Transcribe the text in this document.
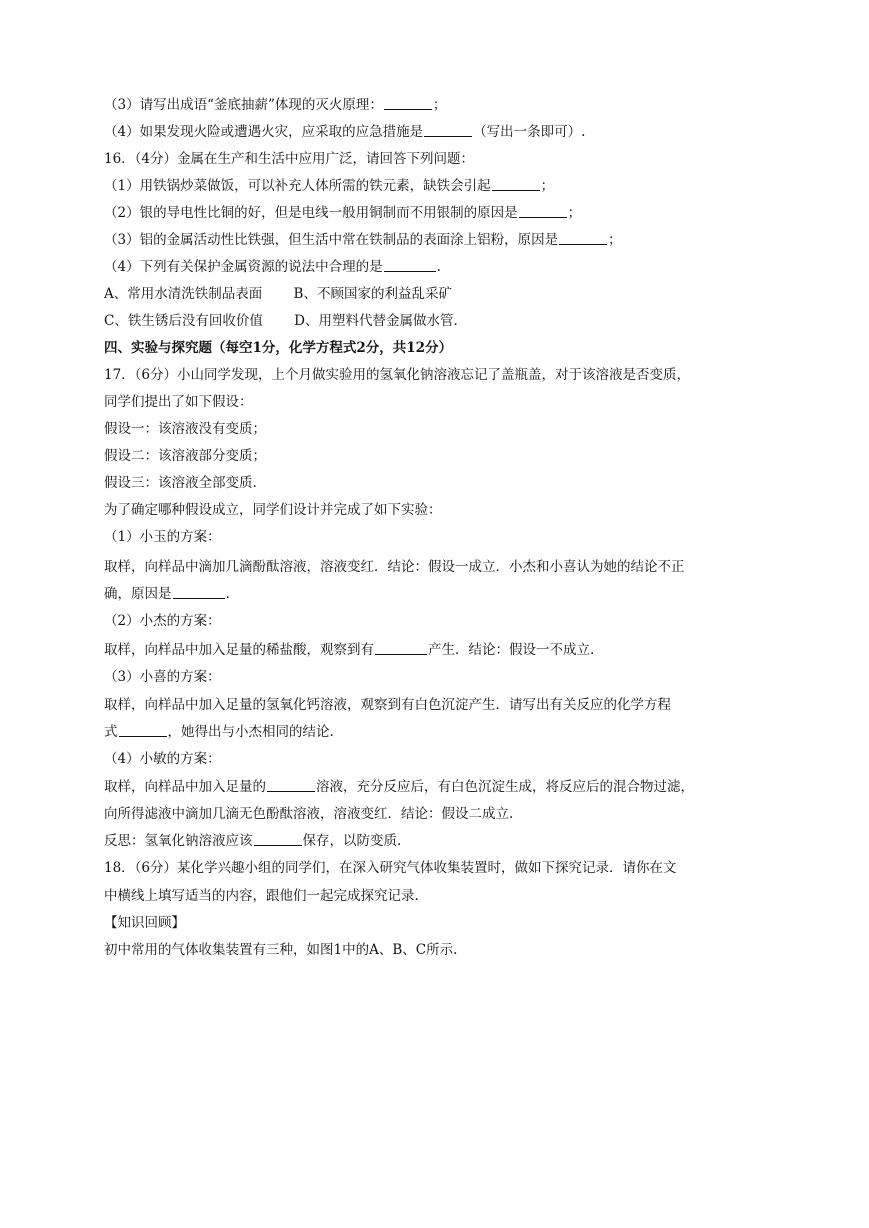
（3）请写出成语“釜底抽薪”体现的灭火原理：	；
（4）如果发现火险或遭遇火灾，应采取的应急措施是	（写出一条即可）.
16．（4分）金属在生产和生活中应用广泛，请回答下列问题：
（1）用铁锅炒菜做饭，可以补充人体所需的铁元素，缺铁会引起	；
（2）银的导电性比铜的好，但是电线一般用铜制而不用银制的原因是	；
（3）铝的金属活动性比铁强，但生活中常在铁制品的表面涂上铝粉，原因是	；
（4）下列有关保护金属资源的说法中合理的是	.
A、常用水清洗铁制品表面　　 B、不顾国家的利益乱采矿
C、铁生锈后没有回收价值　　 D、用塑料代替金属做水管.
四、实验与探究题（每空1分，化学方程式2分，共12分）
17．（6分）小山同学发现，上个月做实验用的氢氧化钠溶液忘记了盖瓶盖，对于该溶液是否变质，
同学们提出了如下假设：
假设一：该溶液没有变质；
假设二：该溶液部分变质；
假设三：该溶液全部变质.
为了确定哪种假设成立，同学们设计并完成了如下实验：
（1）小玉的方案：
取样，向样品中滴加几滴酚酞溶液，溶液变红．结论：假设一成立．小杰和小喜认为她的结论不正
确，原因是	.
（2）小杰的方案：
取样，向样品中加入足量的稀盐酸，观察到有	产生．结论：假设一不成立.
（3）小喜的方案：
取样，向样品中加入足量的氢氧化钙溶液，观察到有白色沉淀产生．请写出有关反应的化学方程
式	，她得出与小杰相同的结论.
（4）小敏的方案：
取样，向样品中加入足量的	溶液，充分反应后，有白色沉淀生成，将反应后的混合物过滤，
向所得滤液中滴加几滴无色酚酞溶液，溶液变红．结论：假设二成立.
反思：氢氧化钠溶液应该	保存，以防变质.
18．（6分）某化学兴趣小组的同学们，在深入研究气体收集装置时，做如下探究记录．请你在文
中横线上填写适当的内容，跟他们一起完成探究记录.
【知识回顾】
初中常用的气体收集装置有三种，如图1中的A、B、C所示.
